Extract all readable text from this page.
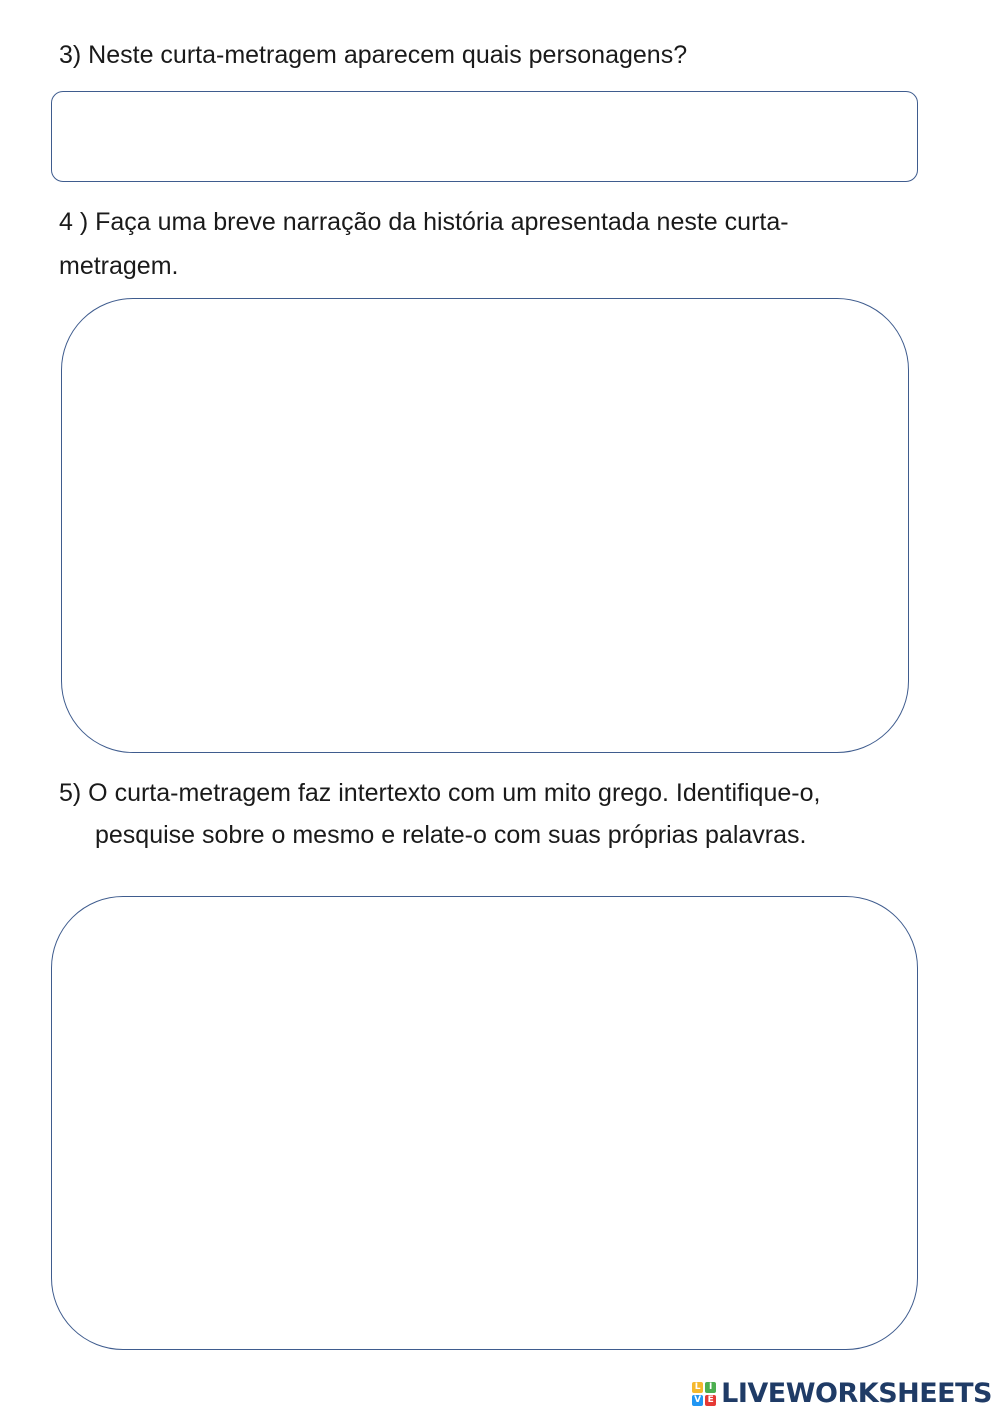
3) Neste curta-metragem aparecem quais personagens?

4 ) Faça uma breve narração da história apresentada neste curta-

metragem.

5) O curta-metragem faz intertexto com um mito grego. Identifique-o,

pesquise sobre o mesmo e relate-o com suas próprias palavras.

L I
V E LIVEWORKSHEETS
